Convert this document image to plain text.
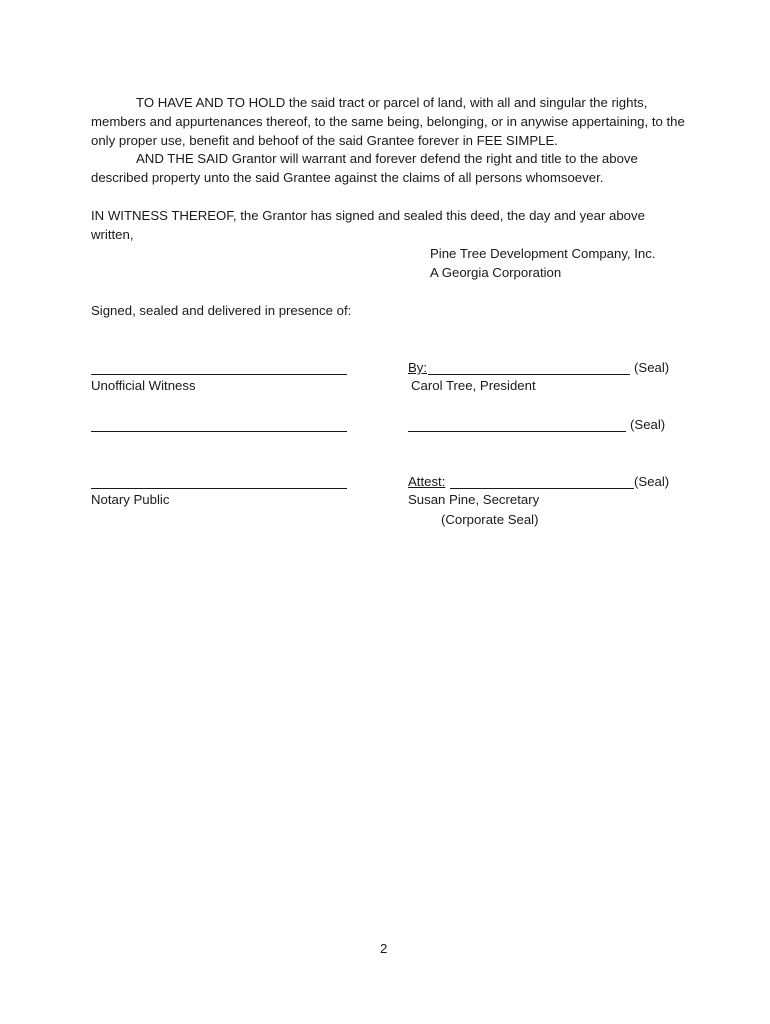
TO HAVE AND TO HOLD the said tract or parcel of land, with all and singular the rights, members and appurtenances thereof, to the same being, belonging, or in anywise appertaining, to the only proper use, benefit and behoof of the said Grantee forever in FEE SIMPLE.

AND THE SAID Grantor will warrant and forever defend the right and title to the above described property unto the said Grantee against the claims of all persons whomsoever.

IN WITNESS THEREOF, the Grantor has signed and sealed this deed, the day and year above written,

Pine Tree Development Company, Inc.
A Georgia Corporation
Signed, sealed and delivered in presence of:
Unofficial Witness
Notary Public
By:	(Seal)
Carol Tree, President
(Seal)
Attest:	(Seal)
Susan Pine, Secretary
(Corporate Seal)
2
